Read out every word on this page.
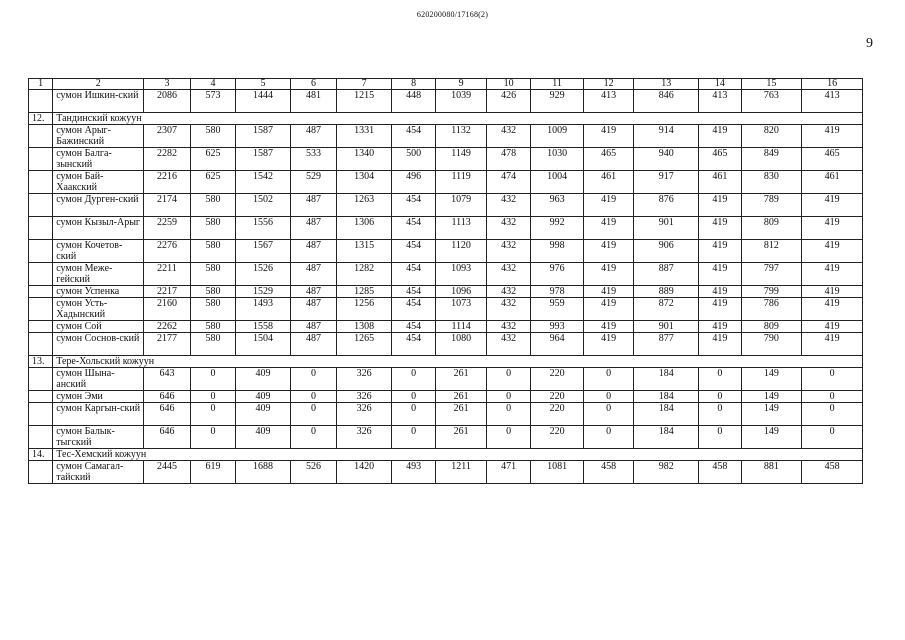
620200080/17168(2)
9
1	2	3	4	5	6	7	8	9	10	11	12	13	14	15	16
	сумон Ишкин-ский	2086	573	1444	481	1215	448	1039	426	929	413	846	413	763	413
12.	Тандинский кожуун														
	сумон Арыг-Бажинский	2307	580	1587	487	1331	454	1132	432	1009	419	914	419	820	419
	сумон Балга-зынский	2282	625	1587	533	1340	500	1149	478	1030	465	940	465	849	465
	сумон Бай-Хаакский	2216	625	1542	529	1304	496	1119	474	1004	461	917	461	830	461
	сумон Дурген-ский	2174	580	1502	487	1263	454	1079	432	963	419	876	419	789	419
	сумон Кызыл-Арыг	2259	580	1556	487	1306	454	1113	432	992	419	901	419	809	419
	сумон Кочетов-ский	2276	580	1567	487	1315	454	1120	432	998	419	906	419	812	419
	сумон Меже-гейский	2211	580	1526	487	1282	454	1093	432	976	419	887	419	797	419
	сумон Успенка	2217	580	1529	487	1285	454	1096	432	978	419	889	419	799	419
	сумон Усть-Хадынский	2160	580	1493	487	1256	454	1073	432	959	419	872	419	786	419
	сумон Сой	2262	580	1558	487	1308	454	1114	432	993	419	901	419	809	419
	сумон Соснов-ский	2177	580	1504	487	1265	454	1080	432	964	419	877	419	790	419
13.	Тере-Хольский кожуун														
	сумон Шына-анский	643	0	409	0	326	0	261	0	220	0	184	0	149	0
	сумон Эми	646	0	409	0	326	0	261	0	220	0	184	0	149	0
	сумон Каргын-ский	646	0	409	0	326	0	261	0	220	0	184	0	149	0
	сумон Балык-тыгский	646	0	409	0	326	0	261	0	220	0	184	0	149	0
14.	Тес-Хемский кожуун														
	сумон Самагал-тайский	2445	619	1688	526	1420	493	1211	471	1081	458	982	458	881	458
